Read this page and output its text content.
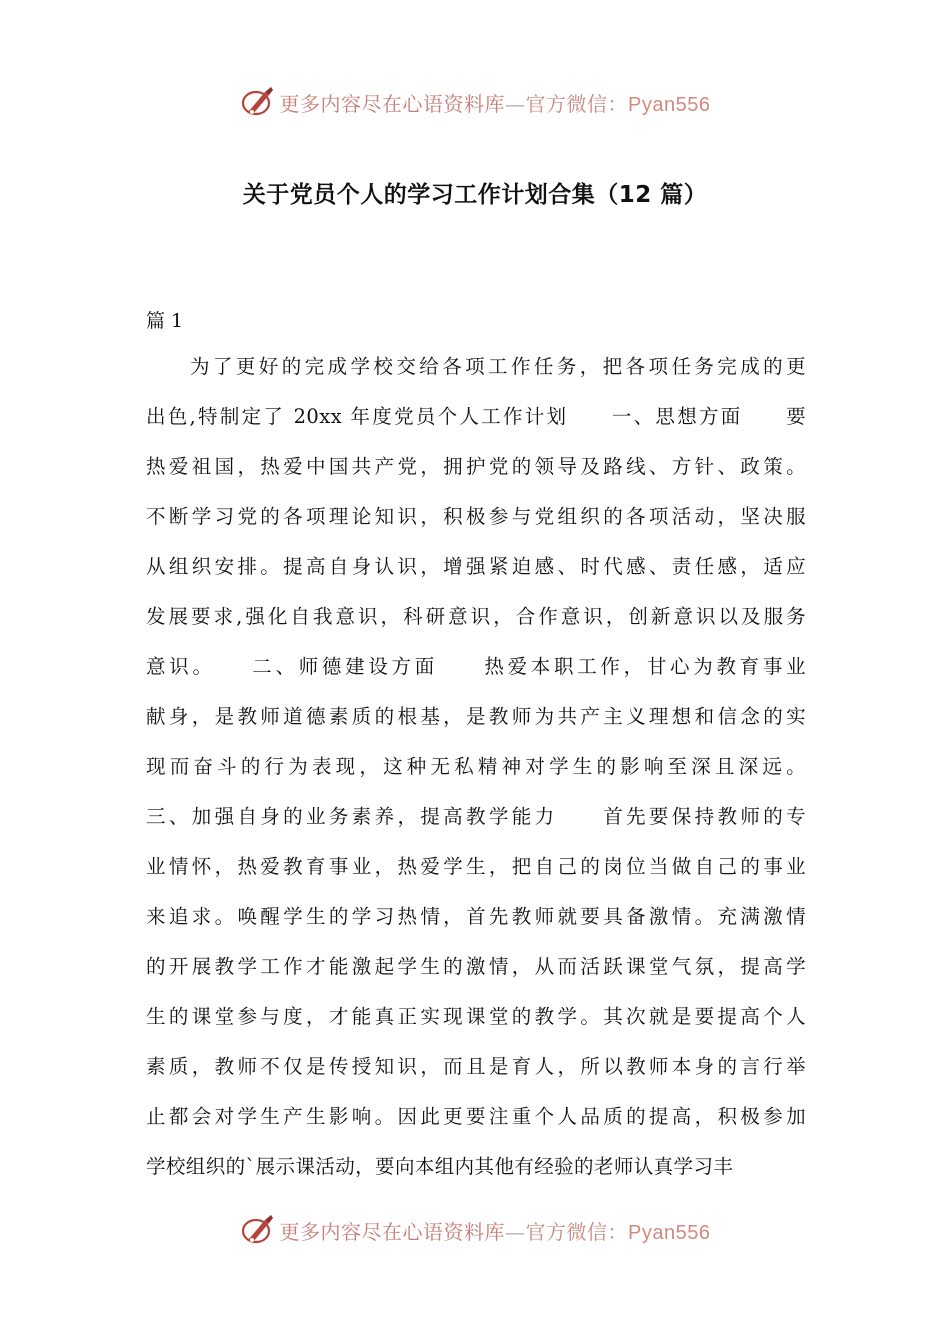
更多内容尽在心语资料库—官方微信：Pyan556
关于党员个人的学习工作计划合集（12 篇）
篇 1
为了更好的完成学校交给各项工作任务，把各项任务完成的更
出色,特制定了 20xx 年度党员个人工作计划　　一、思想方面　　要
热爱祖国，热爱中国共产党，拥护党的领导及路线、方针、政策。
不断学习党的各项理论知识，积极参与党组织的各项活动，坚决服
从组织安排。提高自身认识，增强紧迫感、时代感、责任感，适应
发展要求,强化自我意识，科研意识，合作意识，创新意识以及服务
意识。　　二、师德建设方面　　热爱本职工作，甘心为教育事业
献身，是教师道德素质的根基，是教师为共产主义理想和信念的实
现而奋斗的行为表现，这种无私精神对学生的影响至深且深远。
三、加强自身的业务素养，提高教学能力　　首先要保持教师的专
业情怀，热爱教育事业，热爱学生，把自己的岗位当做自己的事业
来追求。唤醒学生的学习热情，首先教师就要具备激情。充满激情
的开展教学工作才能激起学生的激情，从而活跃课堂气氛，提高学
生的课堂参与度，才能真正实现课堂的教学。其次就是要提高个人
素质，教师不仅是传授知识，而且是育人，所以教师本身的言行举
止都会对学生产生影响。因此更要注重个人品质的提高，积极参加
学校组织的`展示课活动，要向本组内其他有经验的老师认真学习丰
更多内容尽在心语资料库—官方微信：Pyan556
